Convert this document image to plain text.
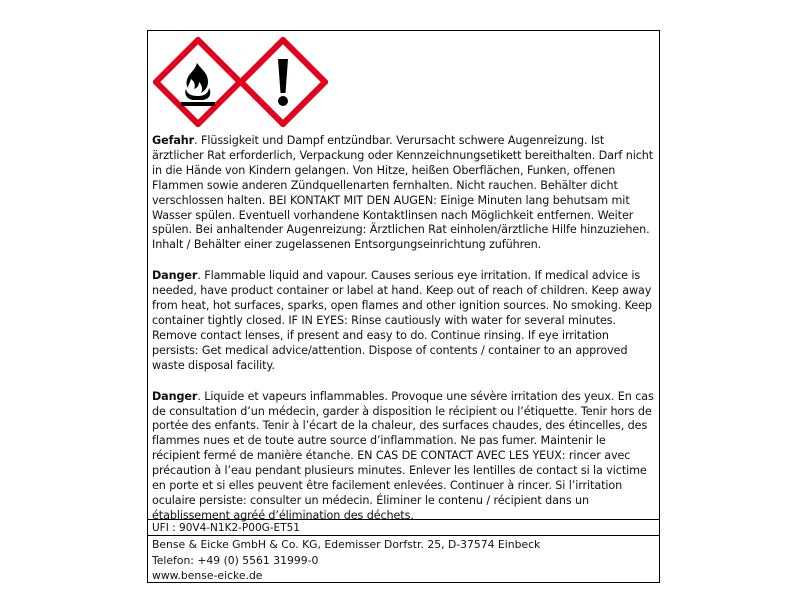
Gefahr. Flüssigkeit und Dampf entzündbar. Verursacht schwere Augenreizung. Ist ärztlicher Rat erforderlich, Verpackung oder Kennzeichnungsetikett bereithalten. Darf nicht in die Hände von Kindern gelangen. Von Hitze, heißen Oberflächen, Funken, offenen Flammen sowie anderen Zündquellenarten fernhalten. Nicht rauchen. Behälter dicht verschlossen halten. BEI KONTAKT MIT DEN AUGEN: Einige Minuten lang behutsam mit Wasser spülen. Eventuell vorhandene Kontaktlinsen nach Möglichkeit entfernen. Weiter spülen. Bei anhaltender Augenreizung: Ärztlichen Rat einholen/ärztliche Hilfe hinzuziehen. Inhalt / Behälter einer zugelassenen Entsorgungseinrichtung zuführen.

Danger. Flammable liquid and vapour. Causes serious eye irritation. If medical advice is needed, have product container or label at hand. Keep out of reach of children. Keep away from heat, hot surfaces, sparks, open flames and other ignition sources. No smoking. Keep container tightly closed. IF IN EYES: Rinse cautiously with water for several minutes. Remove contact lenses, if present and easy to do. Continue rinsing. If eye irritation persists: Get medical advice/attention. Dispose of contents / container to an approved waste disposal facility.

Danger. Liquide et vapeurs inflammables. Provoque une sévère irritation des yeux. En cas de consultation d’un médecin, garder à disposition le récipient ou l’étiquette. Tenir hors de portée des enfants. Tenir à l’écart de la chaleur, des surfaces chaudes, des étincelles, des flammes nues et de toute autre source d’inflammation. Ne pas fumer. Maintenir le récipient fermé de manière étanche. EN CAS DE CONTACT AVEC LES YEUX: rincer avec précaution à l’eau pendant plusieurs minutes. Enlever les lentilles de contact si la victime en porte et si elles peuvent être facilement enlevées. Continuer à rincer. Si l’irritation oculaire persiste: consulter un médecin. Éliminer le contenu / récipient dans un établissement agréé d’élimination des déchets.

UFI : 90V4-N1K2-P00G-ET51
Bense & Eicke GmbH & Co. KG, Edemisser Dorfstr. 25, D-37574 Einbeck
Telefon: +49 (0) 5561 31999-0
www.bense-eicke.de
